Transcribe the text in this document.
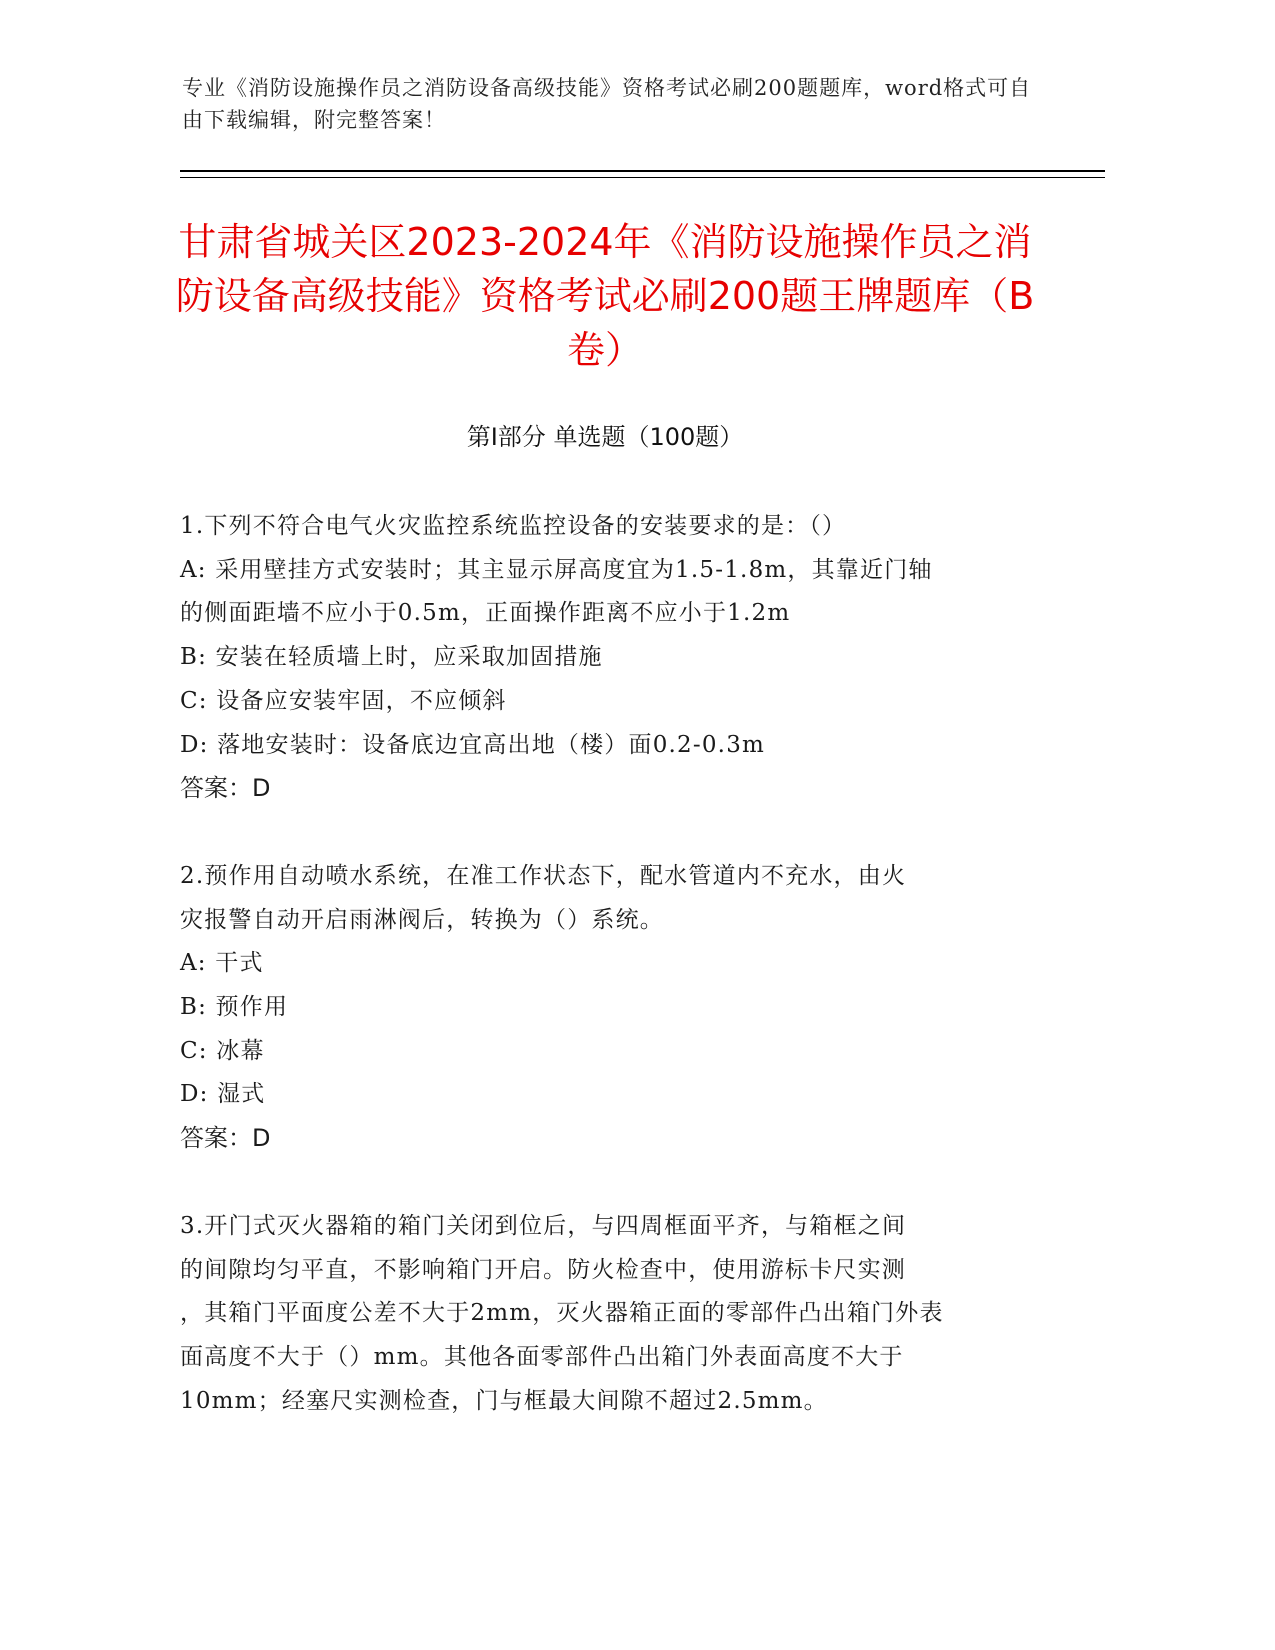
专业《消防设施操作员之消防设备高级技能》资格考试必刷200题题库，word格式可自由下载编辑，附完整答案！
甘肃省城关区2023-2024年《消防设施操作员之消防设备高级技能》资格考试必刷200题王牌题库（B卷）
第I部分 单选题（100题）
1.下列不符合电气火灾监控系统监控设备的安装要求的是：（）
A: 采用壁挂方式安装时；其主显示屏高度宜为1.5-1.8m，其靠近门轴
的侧面距墙不应小于0.5m，正面操作距离不应小于1.2m
B: 安装在轻质墙上时，应采取加固措施
C: 设备应安装牢固，不应倾斜
D: 落地安装时：设备底边宜高出地（楼）面0.2-0.3m
答案：D
2.预作用自动喷水系统，在准工作状态下，配水管道内不充水，由火
灾报警自动开启雨淋阀后，转换为（）系统。
A: 干式
B: 预作用
C: 冰幕
D: 湿式
答案：D
3.开门式灭火器箱的箱门关闭到位后，与四周框面平齐，与箱框之间
的间隙均匀平直，不影响箱门开启。防火检查中，使用游标卡尺实测
，其箱门平面度公差不大于2mm，灭火器箱正面的零部件凸出箱门外表
面高度不大于（）mm。其他各面零部件凸出箱门外表面高度不大于
10mm；经塞尺实测检查，门与框最大间隙不超过2.5mm。
